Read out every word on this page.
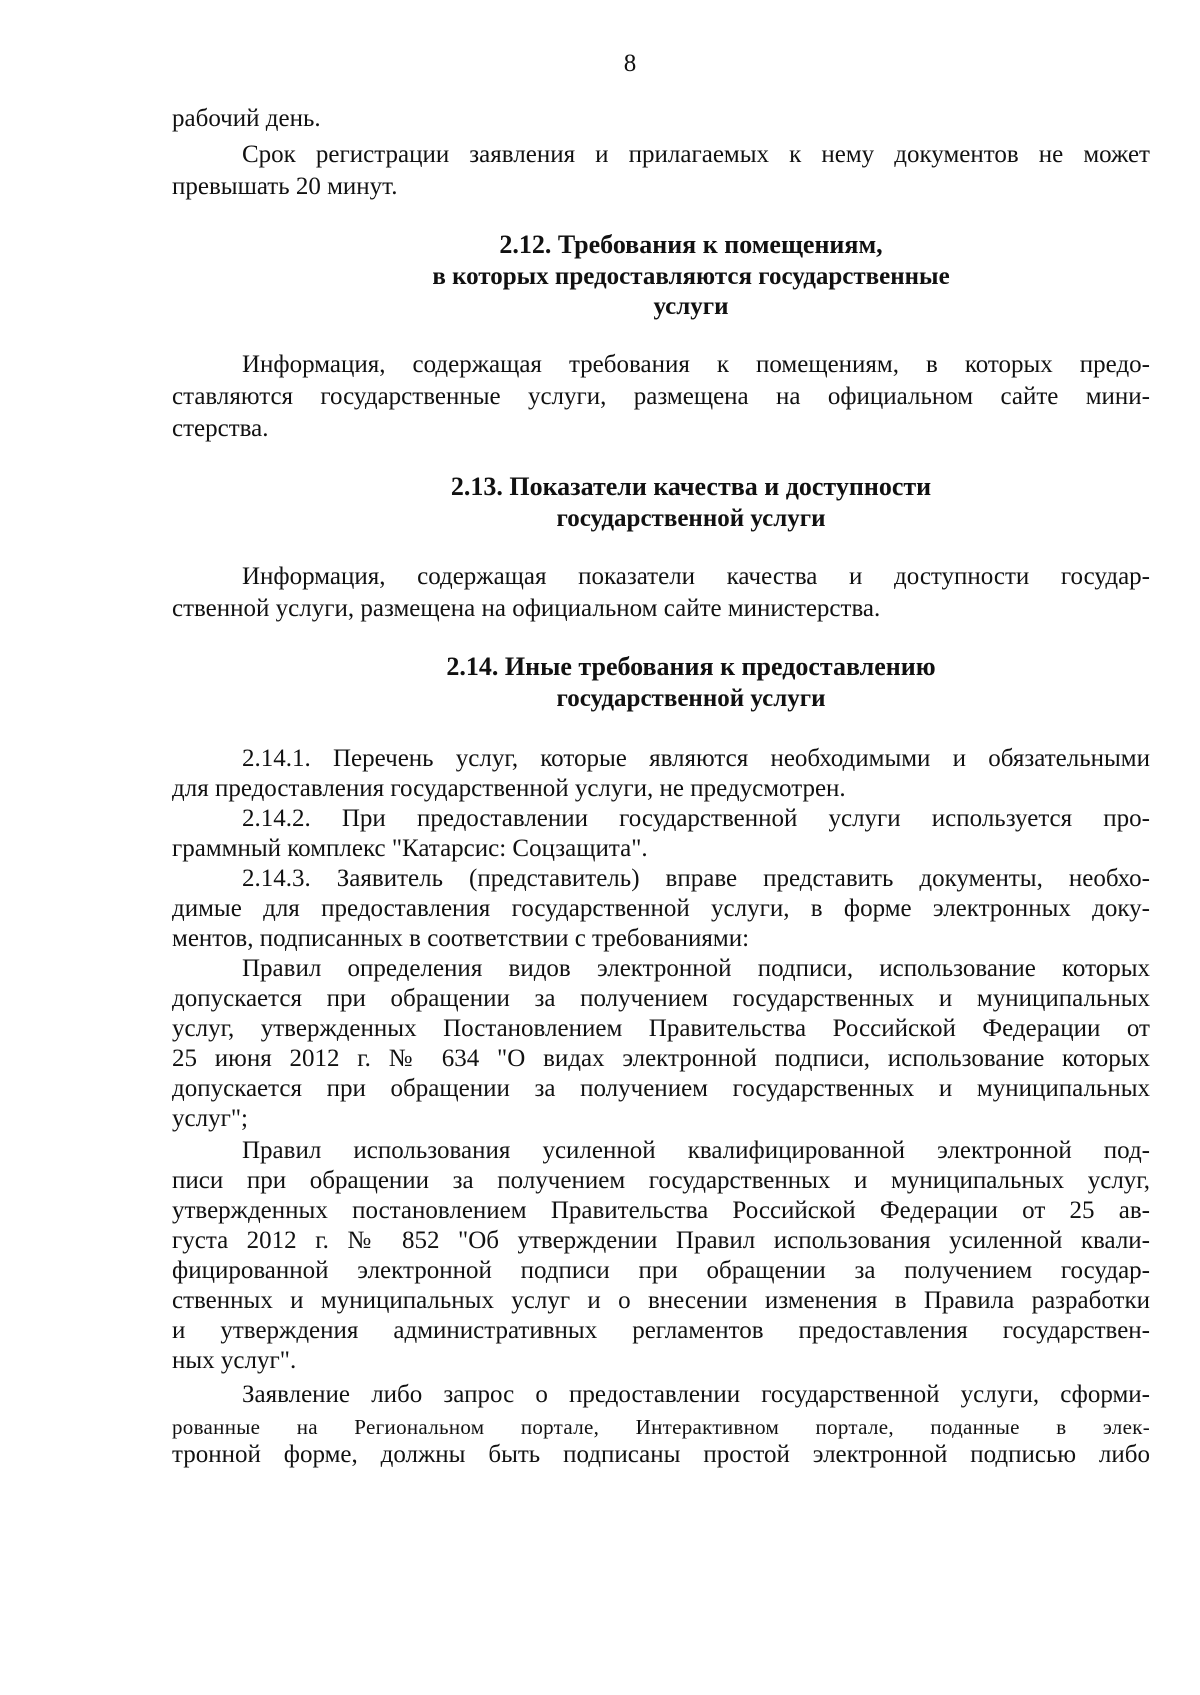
8

рабочий день.

Срок регистрации заявления и прилагаемых к нему документов не может

превышать 20 минут.

2.12. Требования к помещениям,
в которых предоставляются государственные
услуги

Информация, содержащая требования к помещениям, в которых предо-

ставляются государственные услуги, размещена на официальном сайте мини-

стерства.

2.13. Показатели качества и доступности
государственной услуги

Информация, содержащая показатели качества и доступности государ-

ственной услуги, размещена на официальном сайте министерства.

2.14. Иные требования к предоставлению
государственной услуги

2.14.1. Перечень услуг, которые являются необходимыми и обязательными

для предоставления государственной услуги, не предусмотрен.

2.14.2. При предоставлении государственной услуги используется про-

граммный комплекс "Катарсис: Соцзащита".

2.14.3. Заявитель (представитель) вправе представить документы, необхо-

димые для предоставления государственной услуги, в форме электронных доку-

ментов, подписанных в соответствии с требованиями:

Правил определения видов электронной подписи, использование которых

допускается при обращении за получением государственных и муниципальных

услуг, утвержденных Постановлением Правительства Российской Федерации от

25 июня 2012 г. № 634 "О видах электронной подписи, использование которых

допускается при обращении за получением государственных и муниципальных

услуг";

Правил использования усиленной квалифицированной электронной под-

писи при обращении за получением государственных и муниципальных услуг,

утвержденных постановлением Правительства Российской Федерации от 25 ав-

густа 2012 г. № 852 "Об утверждении Правил использования усиленной квали-

фицированной электронной подписи при обращении за получением государ-

ственных и муниципальных услуг и о внесении изменения в Правила разработки

и утверждения административных регламентов предоставления государствен-

ных услуг".

Заявление либо запрос о предоставлении государственной услуги, сформи-

рованные на Региональном портале, Интерактивном портале, поданные в элек-

тронной форме, должны быть подписаны простой электронной подписью либо
